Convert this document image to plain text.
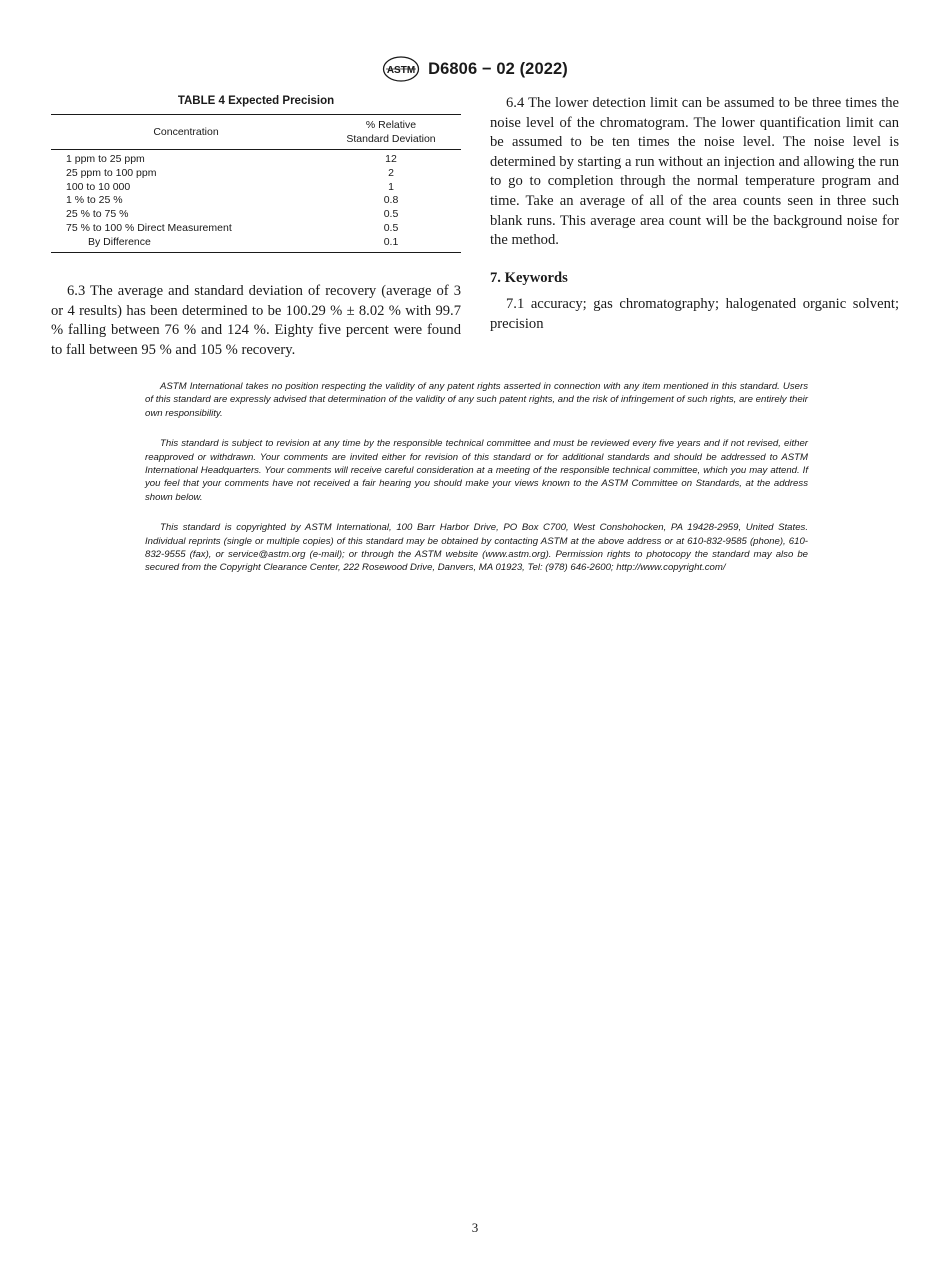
ASTM D6806 − 02 (2022)
TABLE 4 Expected Precision
Concentration	% Relative
Standard Deviation
1 ppm to 25 ppm	12
25 ppm to 100 ppm	2
100 to 10 000	1
1 % to 25 %	0.8
25 % to 75 %	0.5
75 % to 100 % Direct Measurement	0.5
By Difference	0.1

6.3 The average and standard deviation of recovery (average of 3 or 4 results) has been determined to be 100.29 % ± 8.02 % with 99.7 % falling between 76 % and 124 %. Eighty five percent were found to fall between 95 % and 105 % recovery.

6.4 The lower detection limit can be assumed to be three times the noise level of the chromatogram. The lower quantification limit can be assumed to be ten times the noise level. The noise level is determined by starting a run without an injection and allowing the run to go to completion through the normal temperature program and time. Take an average of all of the area counts seen in three such blank runs. This average area count will be the background noise for the method.

7. Keywords

7.1 accuracy; gas chromatography; halogenated organic solvent; precision

ASTM International takes no position respecting the validity of any patent rights asserted in connection with any item mentioned in this standard. Users of this standard are expressly advised that determination of the validity of any such patent rights, and the risk of infringement of such rights, are entirely their own responsibility.

This standard is subject to revision at any time by the responsible technical committee and must be reviewed every five years and if not revised, either reapproved or withdrawn. Your comments are invited either for revision of this standard or for additional standards and should be addressed to ASTM International Headquarters. Your comments will receive careful consideration at a meeting of the responsible technical committee, which you may attend. If you feel that your comments have not received a fair hearing you should make your views known to the ASTM Committee on Standards, at the address shown below.

This standard is copyrighted by ASTM International, 100 Barr Harbor Drive, PO Box C700, West Conshohocken, PA 19428-2959, United States. Individual reprints (single or multiple copies) of this standard may be obtained by contacting ASTM at the above address or at 610-832-9585 (phone), 610-832-9555 (fax), or service@astm.org (e-mail); or through the ASTM website (www.astm.org). Permission rights to photocopy the standard may also be secured from the Copyright Clearance Center, 222 Rosewood Drive, Danvers, MA 01923, Tel: (978) 646-2600; http://www.copyright.com/

3
